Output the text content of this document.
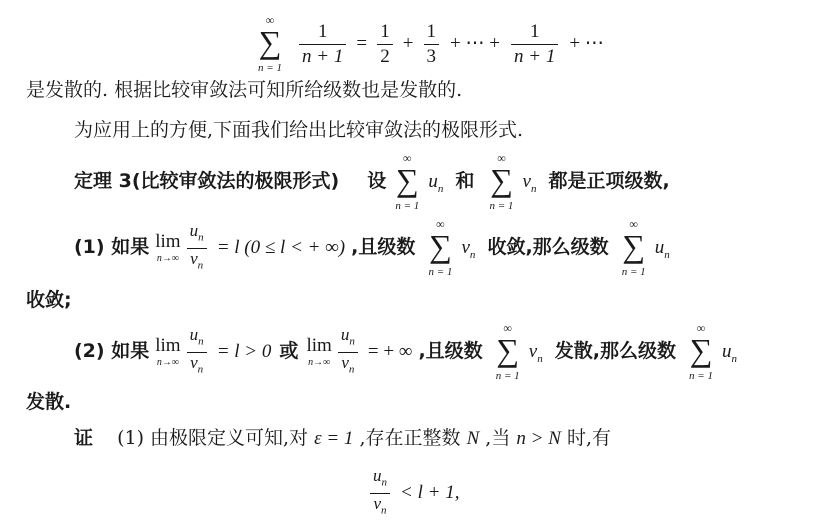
∞
∑
n = 1
$\frac{1}{n + 1} = \frac{1}{2} + \frac{1}{3}$ + ⋯ + $\frac{1}{n + 1}$ + ⋯
是发散的. 根据比较审敛法可知所给级数也是发散的.
为应用上的方便,下面我们给出比较审敛法的极限形式.
定理 3(比较审敛法的极限形式) 设
∞
∑
n = 1
$u_n$ 和
∞
∑
n = 1
$v_n$ 都是正项级数,
(1) 如果 lim
n→∞
$\frac{u_n}{v_n} = l$ (0 ≤ l < + ∞) ,且级数
∞
∑
n = 1
$v_n$ 收敛,那么级数
∞
∑
n = 1
$u_n$
收敛;
(2) 如果 lim
n→∞
$\frac{u_n}{v_n} = l > 0$ 或 lim
n→∞
$\frac{u_n}{v_n}$ = + ∞ ,且级数
∞
∑
n = 1
$v_n$ 发散,那么级数
∞
∑
n = 1
$u_n$
发散.
证 (1) 由极限定义可知,对 ε = 1 ,存在正整数 N ,当 n > N 时,有
$\frac{u_n}{v_n} < l + 1$,
